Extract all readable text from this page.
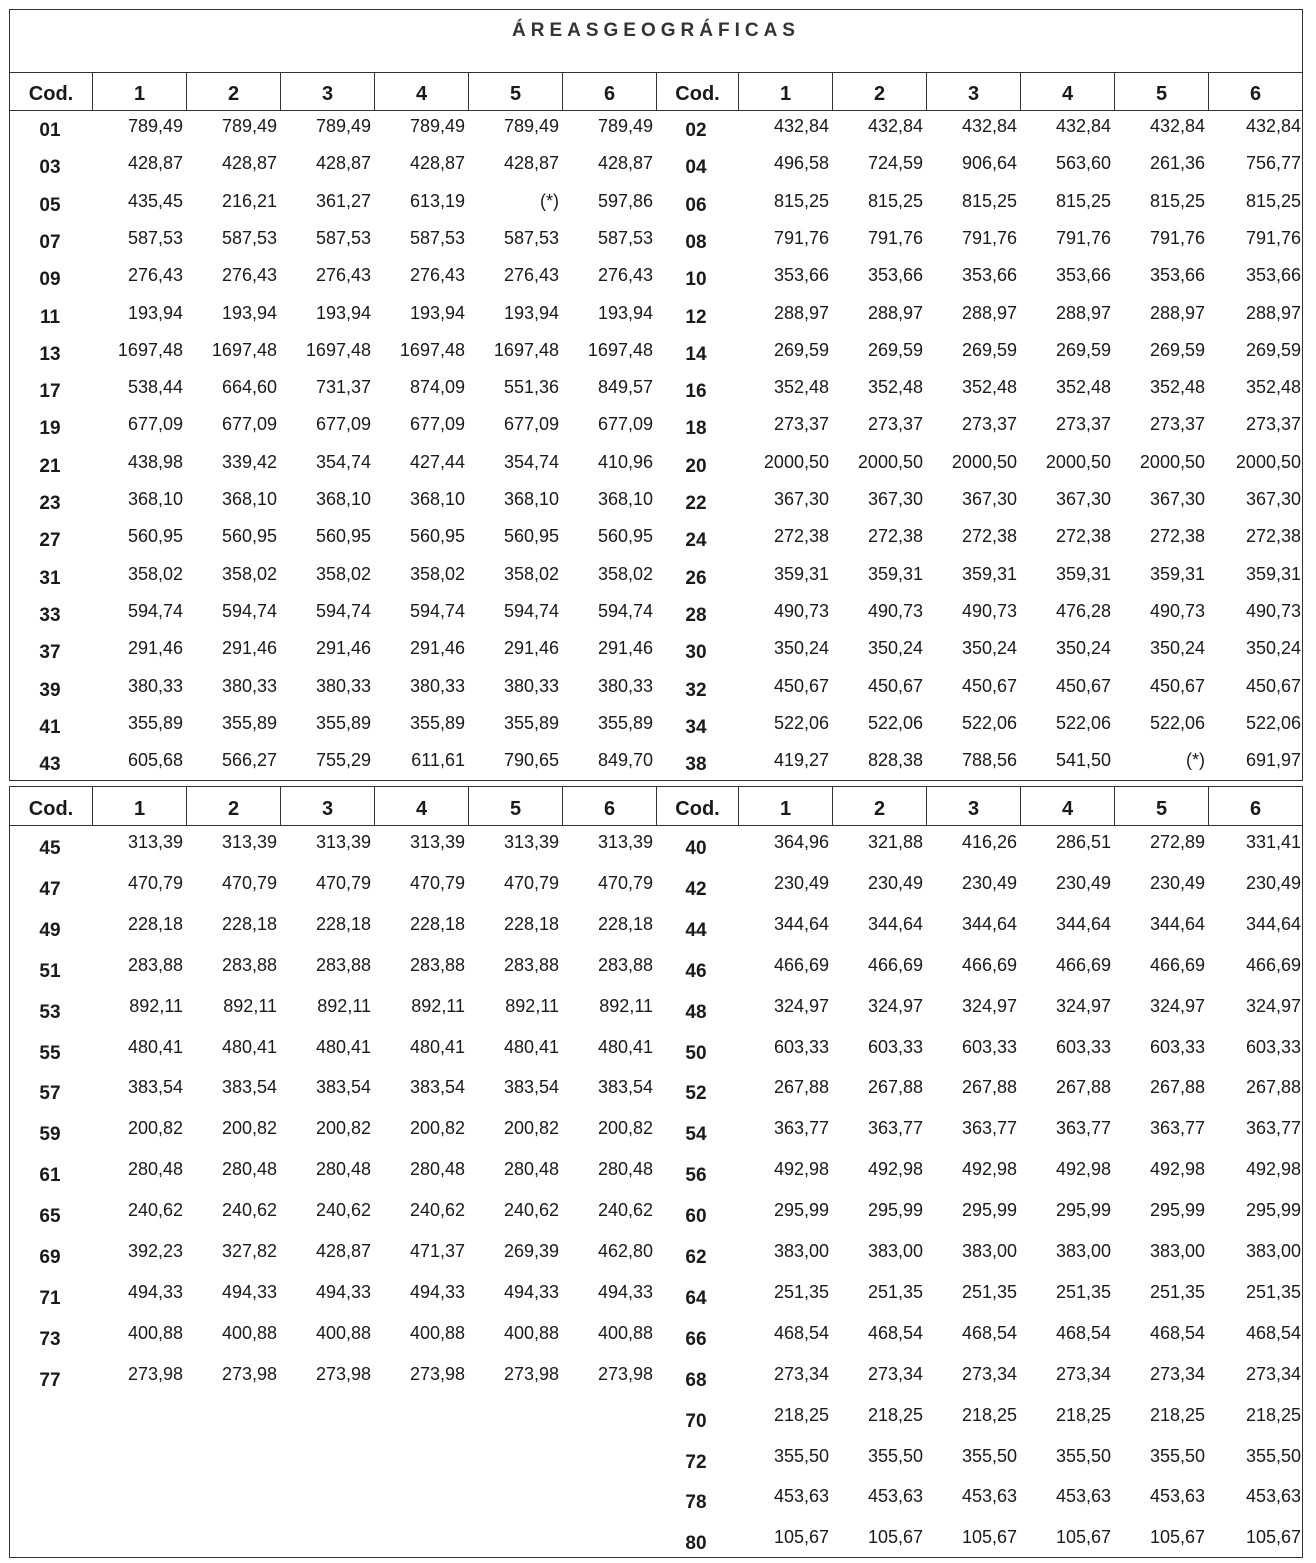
ÁREASGEOGRÁFICAS
Cod.	1	2	3	4	5	6	Cod.	1	2	3	4	5	6
01	789,49	789,49	789,49	789,49	789,49	789,49
03	428,87	428,87	428,87	428,87	428,87	428,87
05	435,45	216,21	361,27	613,19	(*)	597,86
07	587,53	587,53	587,53	587,53	587,53	587,53
09	276,43	276,43	276,43	276,43	276,43	276,43
11	193,94	193,94	193,94	193,94	193,94	193,94
13	1697,48	1697,48	1697,48	1697,48	1697,48	1697,48
17	538,44	664,60	731,37	874,09	551,36	849,57
19	677,09	677,09	677,09	677,09	677,09	677,09
21	438,98	339,42	354,74	427,44	354,74	410,96
23	368,10	368,10	368,10	368,10	368,10	368,10
27	560,95	560,95	560,95	560,95	560,95	560,95
31	358,02	358,02	358,02	358,02	358,02	358,02
33	594,74	594,74	594,74	594,74	594,74	594,74
37	291,46	291,46	291,46	291,46	291,46	291,46
39	380,33	380,33	380,33	380,33	380,33	380,33
41	355,89	355,89	355,89	355,89	355,89	355,89
43	605,68	566,27	755,29	611,61	790,65	849,70
02	432,84	432,84	432,84	432,84	432,84	432,84
04	496,58	724,59	906,64	563,60	261,36	756,77
06	815,25	815,25	815,25	815,25	815,25	815,25
08	791,76	791,76	791,76	791,76	791,76	791,76
10	353,66	353,66	353,66	353,66	353,66	353,66
12	288,97	288,97	288,97	288,97	288,97	288,97
14	269,59	269,59	269,59	269,59	269,59	269,59
16	352,48	352,48	352,48	352,48	352,48	352,48
18	273,37	273,37	273,37	273,37	273,37	273,37
20	2000,50	2000,50	2000,50	2000,50	2000,50	2000,50
22	367,30	367,30	367,30	367,30	367,30	367,30
24	272,38	272,38	272,38	272,38	272,38	272,38
26	359,31	359,31	359,31	359,31	359,31	359,31
28	490,73	490,73	490,73	476,28	490,73	490,73
30	350,24	350,24	350,24	350,24	350,24	350,24
32	450,67	450,67	450,67	450,67	450,67	450,67
34	522,06	522,06	522,06	522,06	522,06	522,06
38	419,27	828,38	788,56	541,50	(*)	691,97
Cod.	1	2	3	4	5	6	Cod.	1	2	3	4	5	6
45	313,39	313,39	313,39	313,39	313,39	313,39
47	470,79	470,79	470,79	470,79	470,79	470,79
49	228,18	228,18	228,18	228,18	228,18	228,18
51	283,88	283,88	283,88	283,88	283,88	283,88
53	892,11	892,11	892,11	892,11	892,11	892,11
55	480,41	480,41	480,41	480,41	480,41	480,41
57	383,54	383,54	383,54	383,54	383,54	383,54
59	200,82	200,82	200,82	200,82	200,82	200,82
61	280,48	280,48	280,48	280,48	280,48	280,48
65	240,62	240,62	240,62	240,62	240,62	240,62
69	392,23	327,82	428,87	471,37	269,39	462,80
71	494,33	494,33	494,33	494,33	494,33	494,33
73	400,88	400,88	400,88	400,88	400,88	400,88
77	273,98	273,98	273,98	273,98	273,98	273,98
40	364,96	321,88	416,26	286,51	272,89	331,41
42	230,49	230,49	230,49	230,49	230,49	230,49
44	344,64	344,64	344,64	344,64	344,64	344,64
46	466,69	466,69	466,69	466,69	466,69	466,69
48	324,97	324,97	324,97	324,97	324,97	324,97
50	603,33	603,33	603,33	603,33	603,33	603,33
52	267,88	267,88	267,88	267,88	267,88	267,88
54	363,77	363,77	363,77	363,77	363,77	363,77
56	492,98	492,98	492,98	492,98	492,98	492,98
60	295,99	295,99	295,99	295,99	295,99	295,99
62	383,00	383,00	383,00	383,00	383,00	383,00
64	251,35	251,35	251,35	251,35	251,35	251,35
66	468,54	468,54	468,54	468,54	468,54	468,54
68	273,34	273,34	273,34	273,34	273,34	273,34
70	218,25	218,25	218,25	218,25	218,25	218,25
72	355,50	355,50	355,50	355,50	355,50	355,50
78	453,63	453,63	453,63	453,63	453,63	453,63
80	105,67	105,67	105,67	105,67	105,67	105,67
